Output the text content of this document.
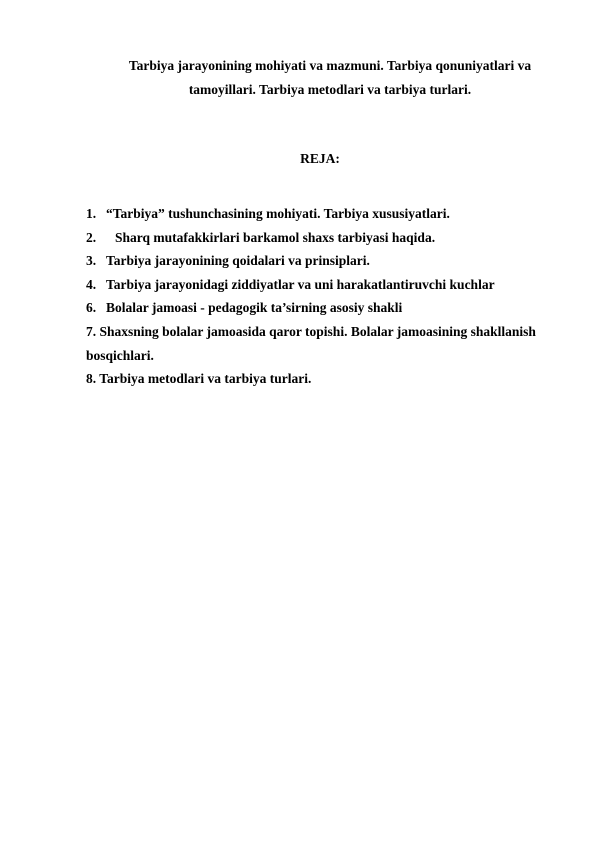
Tarbiya jarayonining mohiyati va mazmuni. Tarbiya qonuniyatlari va
tamoyillari. Tarbiya metodlari va tarbiya turlari.
REJA:
1. “Tarbiya” tushunchasining mohiyati. Tarbiya xususiyatlari.
2. Sharq mutafakkirlari barkamol shaxs tarbiyasi haqida.
3. Tarbiya jarayonining qoidalari va prinsiplari.
4. Tarbiya jarayonidagi ziddiyatlar va uni harakatlantiruvchi kuchlar
6. Bolalar jamoasi - pedagogik ta’sirning asosiy shakli
7. Shaxsning bolalar jamoasida qaror topishi. Bolalar jamoasining shakllanish bosqichlari.
8. Tarbiya metodlari va tarbiya turlari.
